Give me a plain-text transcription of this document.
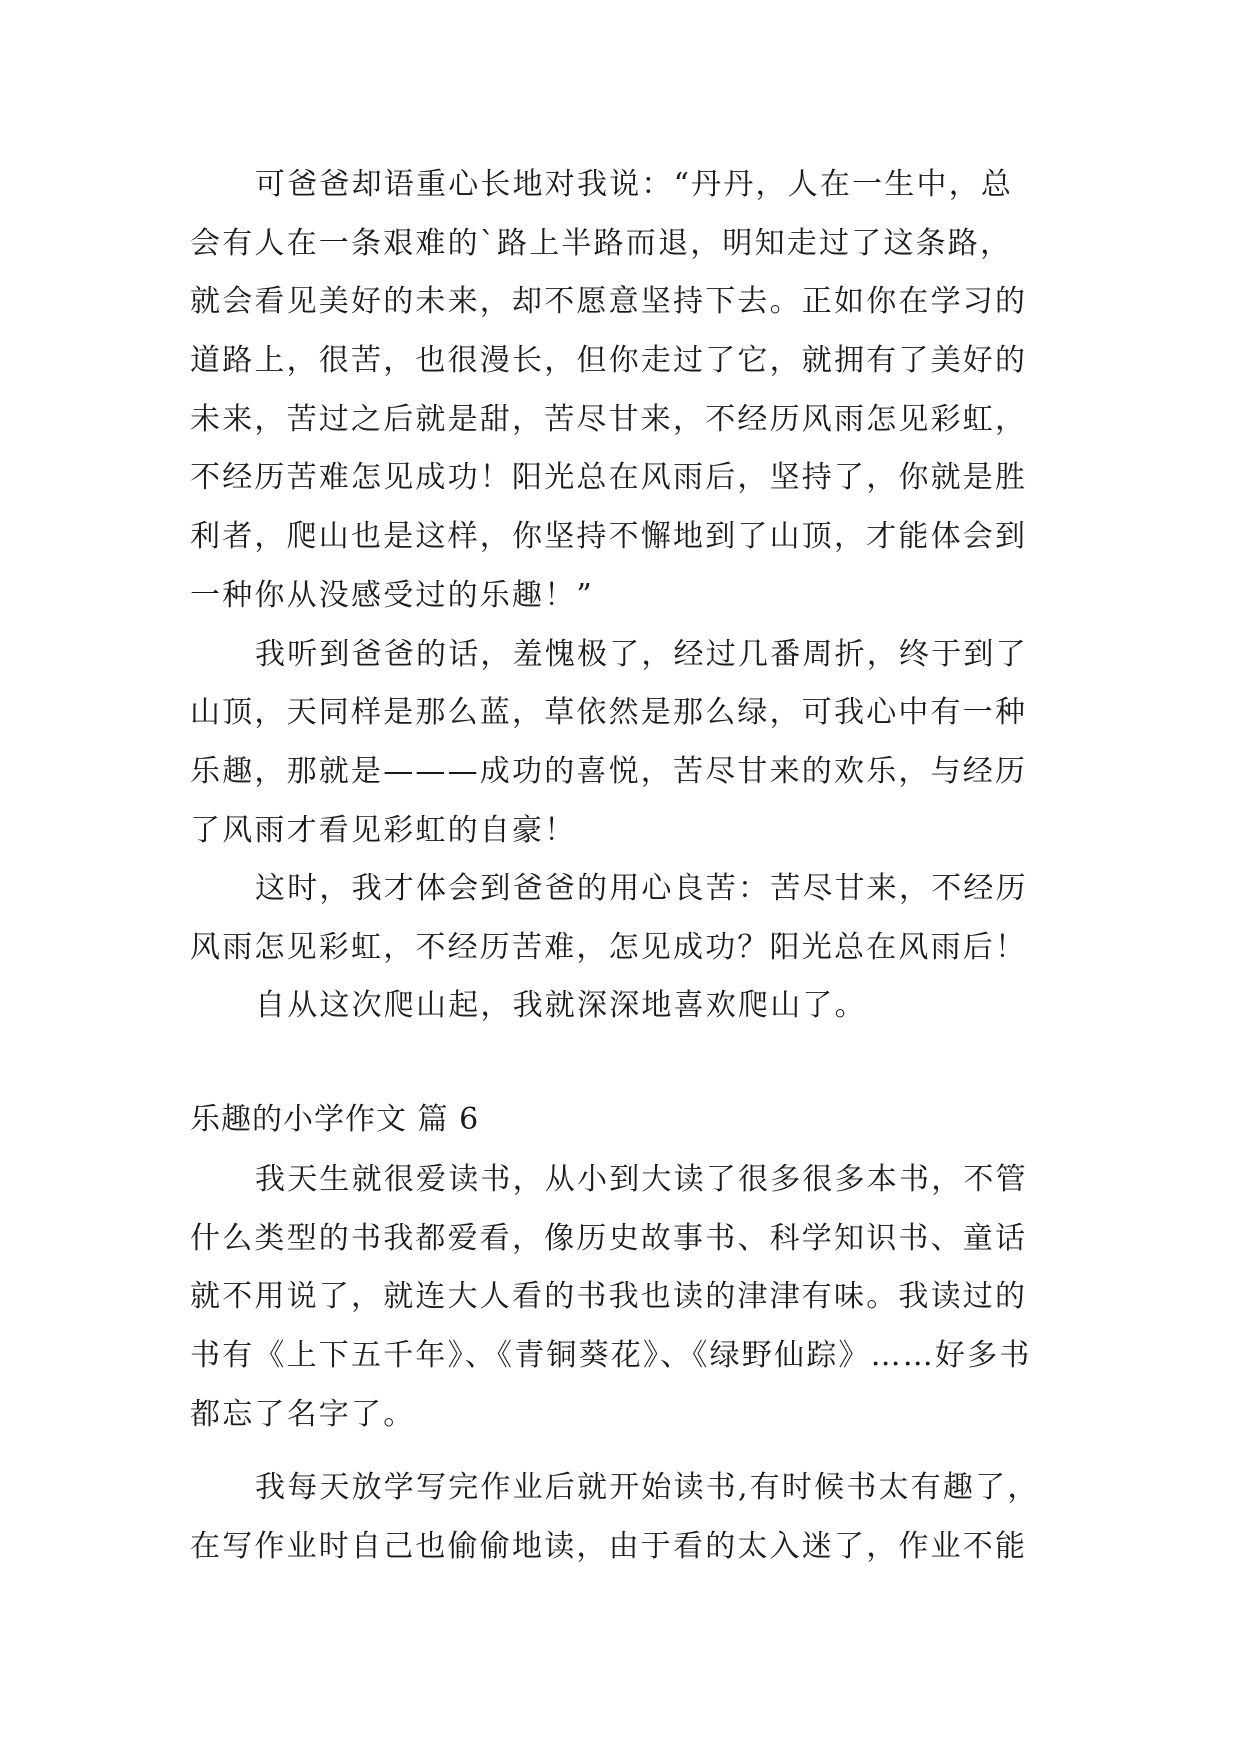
可爸爸却语重心长地对我说：“丹丹，人在一生中，总
会有人在一条艰难的`路上半路而退，明知走过了这条路，
就会看见美好的未来，却不愿意坚持下去。正如你在学习的
道路上，很苦，也很漫长，但你走过了它，就拥有了美好的
未来，苦过之后就是甜，苦尽甘来，不经历风雨怎见彩虹，
不经历苦难怎见成功！阳光总在风雨后，坚持了，你就是胜
利者，爬山也是这样，你坚持不懈地到了山顶，才能体会到
一种你从没感受过的乐趣！”
我听到爸爸的话，羞愧极了，经过几番周折，终于到了
山顶，天同样是那么蓝，草依然是那么绿，可我心中有一种
乐趣，那就是———成功的喜悦，苦尽甘来的欢乐，与经历
了风雨才看见彩虹的自豪！
这时，我才体会到爸爸的用心良苦：苦尽甘来，不经历
风雨怎见彩虹，不经历苦难，怎见成功？阳光总在风雨后！
自从这次爬山起，我就深深地喜欢爬山了。
乐趣的小学作文 篇 6
我天生就很爱读书，从小到大读了很多很多本书，不管
什么类型的书我都爱看，像历史故事书、科学知识书、童话
就不用说了，就连大人看的书我也读的津津有味。我读过的
书有《上下五千年》、《青铜葵花》、《绿野仙踪》……好多书
都忘了名字了。
我每天放学写完作业后就开始读书,有时候书太有趣了，
在写作业时自己也偷偷地读，由于看的太入迷了，作业不能
